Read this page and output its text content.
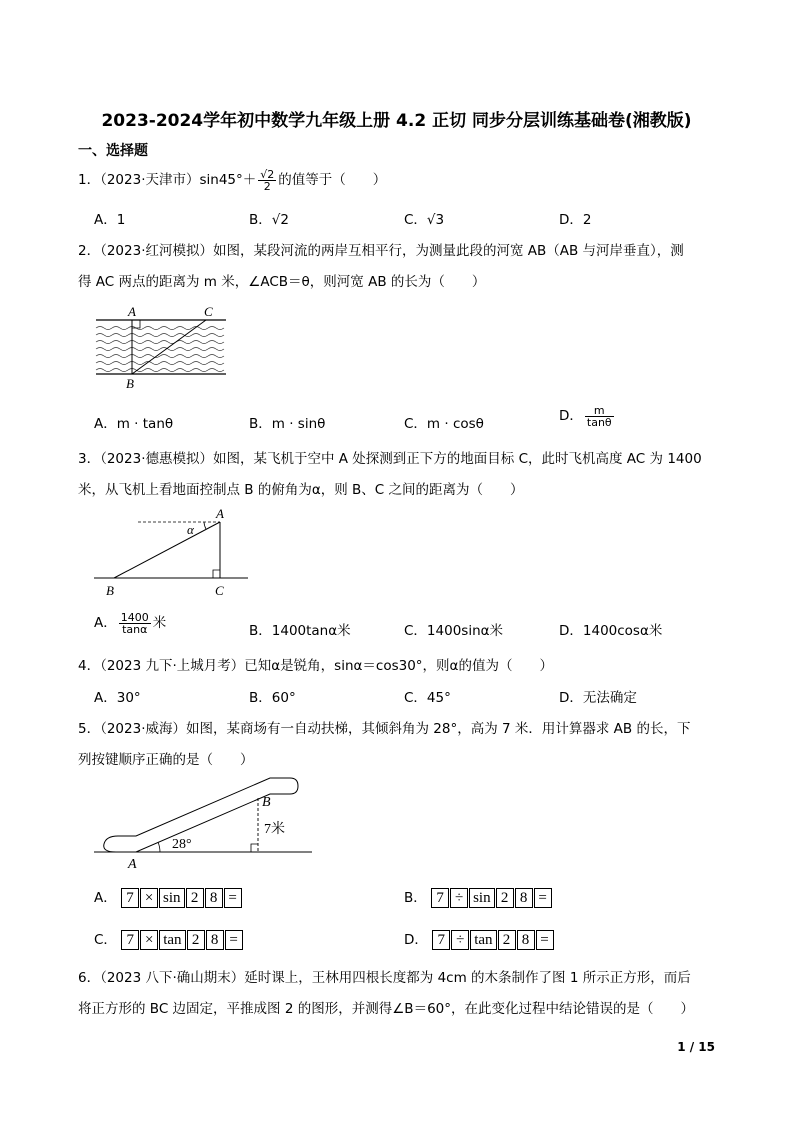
2023-2024学年初中数学九年级上册 4.2 正切 同步分层训练基础卷(湘教版)
一、选择题
1．（2023·天津市）$\sin 45^\circ+ \frac{√2}{2}$ 的值等于（　　）
A．1	B．√2	C．√3	D．2
2．（2023·红河模拟）如图，某段河流的两岸互相平行，为测量此段的河宽 AB（AB 与河岸垂直），测
得 AC 两点的距离为 m 米，∠ACB＝θ，则河宽 AB 的长为（　　）
A	C
B
A．m · tanθ	B．m · sinθ	C．m · cosθ	D． $\frac{m}{\tan\theta}$
3．（2023·德惠模拟）如图，某飞机于空中 A 处探测到正下方的地面目标 C，此时飞机高度 AC 为 1400
米，从飞机上看地面控制点 B 的俯角为α，则 B、C 之间的距离为（　　）
A
α
B	C
A． $\frac{1400}{\tan\alpha}$ 米	B．1400tanα米	C．1400sinα米	D．1400cosα米
4．（2023 九下·上城月考）已知α是锐角，sinα＝cos30°，则α的值为（　　）
A．30°	B．60°	C．45°	D．无法确定
5．（2023·威海）如图，某商场有一自动扶梯，其倾斜角为 28°，高为 7 米．用计算器求 AB 的长，下
列按键顺序正确的是（　　）
B
7米
28°
A
A． 7 × sin 2 8 =	B． 7 ÷ sin 2 8 =
C． 7 × tan 2 8 =	D． 7 ÷ tan 2 8 =
6．（2023 八下·确山期末）延时课上，王林用四根长度都为 4cm 的木条制作了图 1 所示正方形，而后
将正方形的 BC 边固定，平推成图 2 的图形，并测得∠B＝60°，在此变化过程中结论错误的是（　　）
1 / 15
